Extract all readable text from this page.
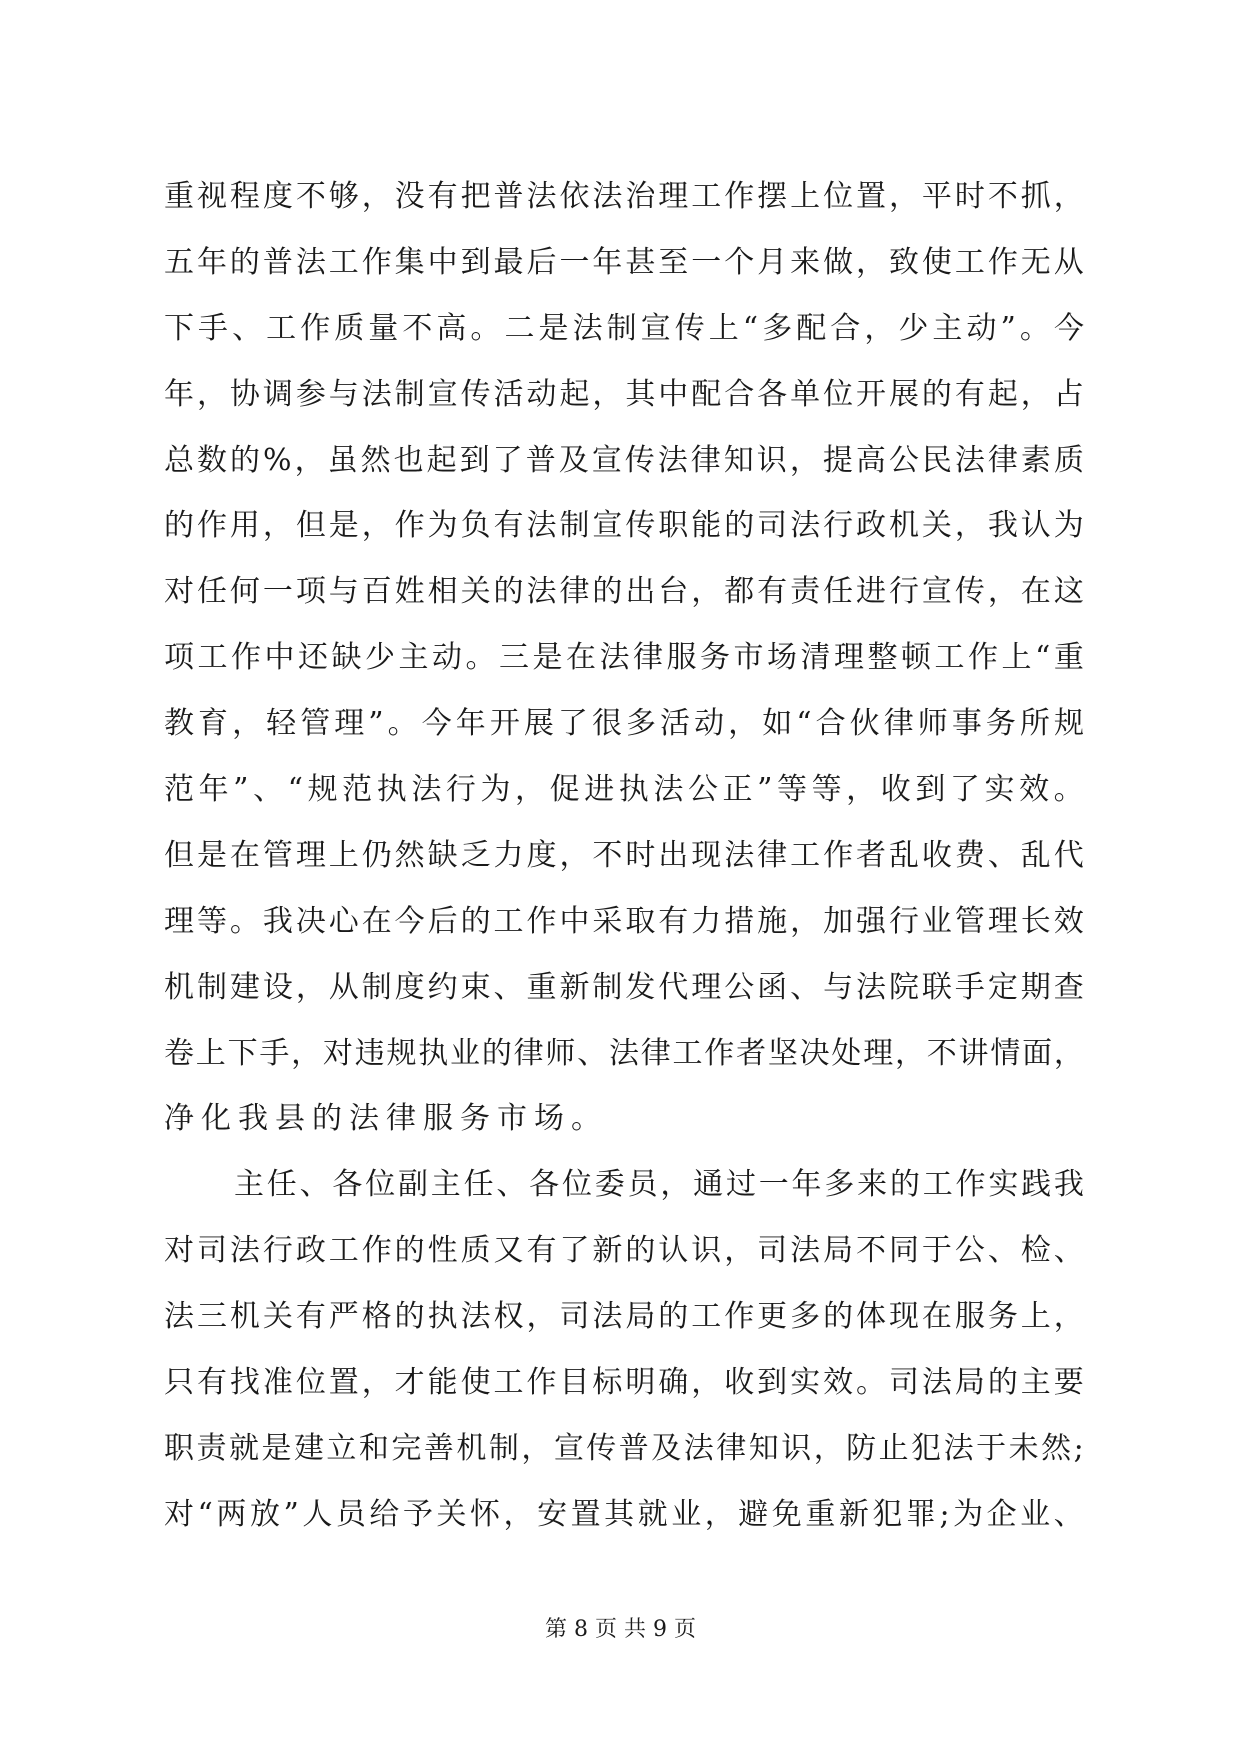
重 视 程 度 不 够 ， 没 有 把 普 法 依 法 治 理 工 作 摆 上 位 置 ， 平 时 不 抓 ，
五 年 的 普 法 工 作 集 中 到 最 后 一 年 甚 至 一 个 月 来 做 ， 致 使 工 作 无 从
下 手 、 工 作 质 量 不 高 。 二 是 法 制 宣 传 上 “ 多 配 合 ， 少 主 动 ” 。 今
年 ， 协 调 参 与 法 制 宣 传 活 动 起 ， 其 中 配 合 各 单 位 开 展 的 有 起 ， 占
总 数 的 % ， 虽 然 也 起 到 了 普 及 宣 传 法 律 知 识 ， 提 高 公 民 法 律 素 质
的 作 用 ， 但 是 ， 作 为 负 有 法 制 宣 传 职 能 的 司 法 行 政 机 关 ， 我 认 为
对 任 何 一 项 与 百 姓 相 关 的 法 律 的 出 台 ， 都 有 责 任 进 行 宣 传 ， 在 这
项 工 作 中 还 缺 少 主 动 。 三 是 在 法 律 服 务 市 场 清 理 整 顿 工 作 上 “ 重
教 育 ， 轻 管 理 ” 。 今 年 开 展 了 很 多 活 动 ， 如 “ 合 伙 律 师 事 务 所 规
范 年 ” 、 “ 规 范 执 法 行 为 ， 促 进 执 法 公 正 ” 等 等 ， 收 到 了 实 效 。
但 是 在 管 理 上 仍 然 缺 乏 力 度 ， 不 时 出 现 法 律 工 作 者 乱 收 费 、 乱 代
理 等 。 我 决 心 在 今 后 的 工 作 中 采 取 有 力 措 施 ， 加 强 行 业 管 理 长 效
机 制 建 设 ， 从 制 度 约 束 、 重 新 制 发 代 理 公 函 、 与 法 院 联 手 定 期 查
卷 上 下 手 ， 对 违 规 执 业 的 律 师 、 法 律 工 作 者 坚 决 处 理 ， 不 讲 情 面 ，
净化我县的法律服务市场。
主 任 、 各 位 副 主 任 、 各 位 委 员 ， 通 过 一 年 多 来 的 工 作 实 践 我
对 司 法 行 政 工 作 的 性 质 又 有 了 新 的 认 识 ， 司 法 局 不 同 于 公 、 检 、
法 三 机 关 有 严 格 的 执 法 权 ， 司 法 局 的 工 作 更 多 的 体 现 在 服 务 上 ，
只 有 找 准 位 置 ， 才 能 使 工 作 目 标 明 确 ， 收 到 实 效 。 司 法 局 的 主 要
职 责 就 是 建 立 和 完 善 机 制 ， 宣 传 普 及 法 律 知 识 ， 防 止 犯 法 于 未 然 ;
对 “ 两 放 ” 人 员 给 予 关 怀 ， 安 置 其 就 业 ， 避 免 重 新 犯 罪 ; 为 企 业 、
第 8 页 共 9 页
